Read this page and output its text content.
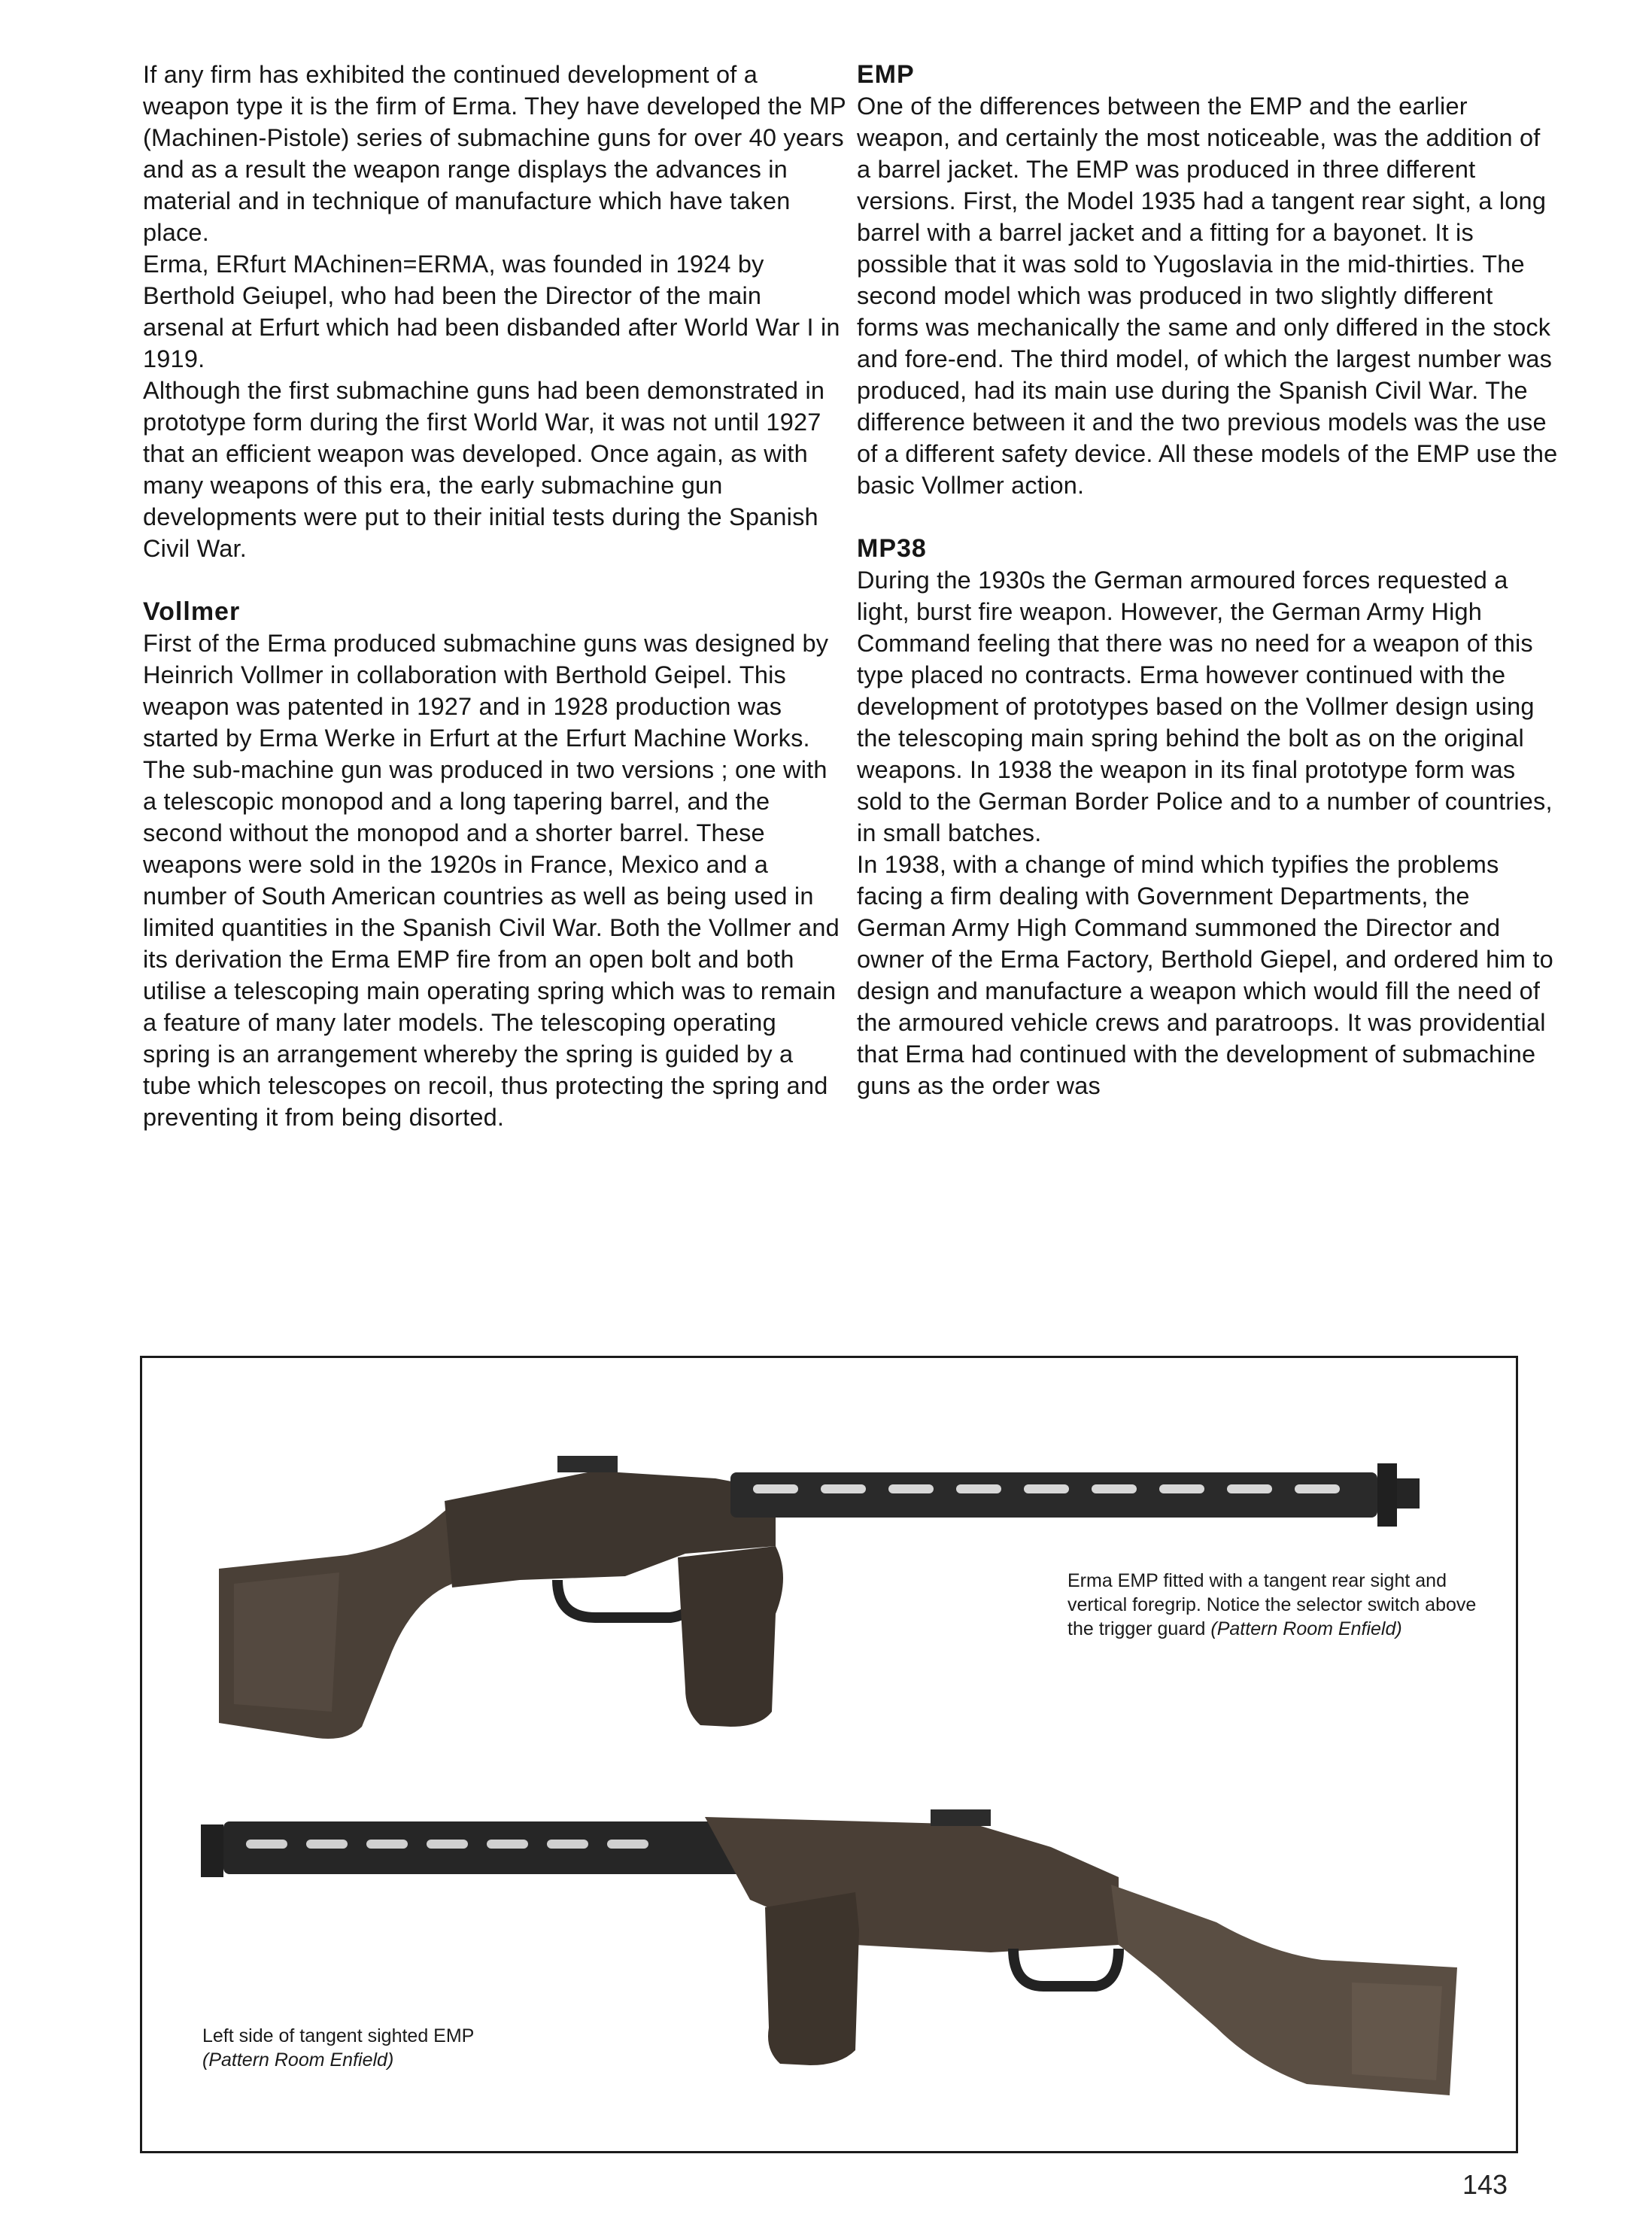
If any firm has exhibited the continued development of a weapon type it is the firm of Erma. They have developed the MP (Machinen-Pistole) series of submachine guns for over 40 years and as a result the weapon range displays the advances in material and in technique of manufacture which have taken place.

Erma, ERfurt MAchinen=ERMA, was founded in 1924 by Berthold Geiupel, who had been the Director of the main arsenal at Erfurt which had been disbanded after World War I in 1919.

Although the first submachine guns had been demonstrated in prototype form during the first World War, it was not until 1927 that an efficient weapon was developed. Once again, as with many weapons of this era, the early submachine gun developments were put to their initial tests during the Spanish Civil War.

Vollmer

First of the Erma produced submachine guns was designed by Heinrich Vollmer in collaboration with Berthold Geipel. This weapon was patented in 1927 and in 1928 production was started by Erma Werke in Erfurt at the Erfurt Machine Works. The sub-machine gun was produced in two versions ; one with a telescopic monopod and a long tapering barrel, and the second without the monopod and a shorter barrel. These weapons were sold in the 1920s in France, Mexico and a number of South American countries as well as being used in limited quantities in the Spanish Civil War. Both the Vollmer and its derivation the Erma EMP fire from an open bolt and both utilise a telescoping main operating spring which was to remain a feature of many later models. The telescoping operating spring is an arrangement whereby the spring is guided by a tube which telescopes on recoil, thus protecting the spring and preventing it from being disorted.

EMP

One of the differences between the EMP and the earlier weapon, and certainly the most noticeable, was the addition of a barrel jacket. The EMP was produced in three different versions. First, the Model 1935 had a tangent rear sight, a long barrel with a barrel jacket and a fitting for a bayonet. It is possible that it was sold to Yugoslavia in the mid-thirties. The second model which was produced in two slightly different forms was mechanically the same and only differed in the stock and fore-end. The third model, of which the largest number was produced, had its main use during the Spanish Civil War. The difference between it and the two previous models was the use of a different safety device. All these models of the EMP use the basic Vollmer action.

MP38

During the 1930s the German armoured forces requested a light, burst fire weapon. However, the German Army High Command feeling that there was no need for a weapon of this type placed no contracts. Erma however continued with the development of prototypes based on the Vollmer design using the telescoping main spring behind the bolt as on the original weapons. In 1938 the weapon in its final prototype form was sold to the German Border Police and to a number of countries, in small batches.

In 1938, with a change of mind which typifies the problems facing a firm dealing with Government Departments, the German Army High Command summoned the Director and owner of the Erma Factory, Berthold Giepel, and ordered him to design and manufacture a weapon which would fill the need of the armoured vehicle crews and paratroops. It was providential that Erma had continued with the development of submachine guns as the order was

Erma EMP fitted with a tangent rear sight and vertical foregrip. Notice the selector switch above the trigger guard (Pattern Room Enfield)
Left side of tangent sighted EMP
(Pattern Room Enfield)
143
